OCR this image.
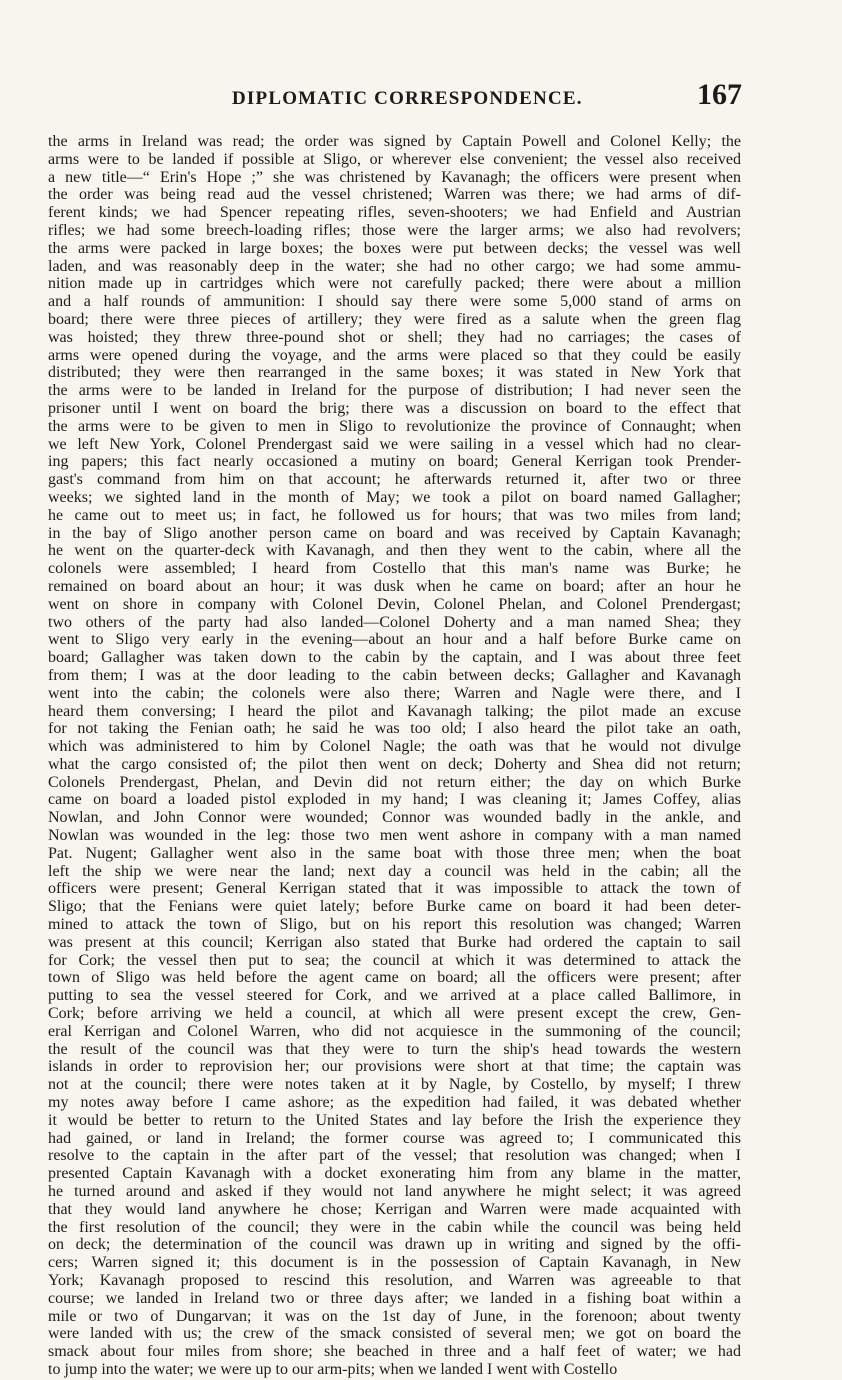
DIPLOMATIC CORRESPONDENCE.	167
the arms in Ireland was read; the order was signed by Captain Powell and Colonel Kelly; the
arms were to be landed if possible at Sligo, or wherever else convenient; the vessel also received
a new title—“ Erin's Hope ;” she was christened by Kavanagh; the officers were present when
the order was being read aud the vessel christened; Warren was there; we had arms of dif-
ferent kinds; we had Spencer repeating rifles, seven-shooters; we had Enfield and Austrian
rifles; we had some breech-loading rifles; those were the larger arms; we also had revolvers;
the arms were packed in large boxes; the boxes were put between decks; the vessel was well
laden, and was reasonably deep in the water; she had no other cargo; we had some ammu-
nition made up in cartridges which were not carefully packed; there were about a million
and a half rounds of ammunition: I should say there were some 5,000 stand of arms on
board; there were three pieces of artillery; they were fired as a salute when the green flag
was hoisted; they threw three-pound shot or shell; they had no carriages; the cases of
arms were opened during the voyage, and the arms were placed so that they could be easily
distributed; they were then rearranged in the same boxes; it was stated in New York that
the arms were to be landed in Ireland for the purpose of distribution; I had never seen the
prisoner until I went on board the brig; there was a discussion on board to the effect that
the arms were to be given to men in Sligo to revolutionize the province of Connaught; when
we left New York, Colonel Prendergast said we were sailing in a vessel which had no clear-
ing papers; this fact nearly occasioned a mutiny on board; General Kerrigan took Prender-
gast's command from him on that account; he afterwards returned it, after two or three
weeks; we sighted land in the month of May; we took a pilot on board named Gallagher;
he came out to meet us; in fact, he followed us for hours; that was two miles from land;
in the bay of Sligo another person came on board and was received by Captain Kavanagh;
he went on the quarter-deck with Kavanagh, and then they went to the cabin, where all the
colonels were assembled; I heard from Costello that this man's name was Burke; he
remained on board about an hour; it was dusk when he came on board; after an hour he
went on shore in company with Colonel Devin, Colonel Phelan, and Colonel Prendergast;
two others of the party had also landed—Colonel Doherty and a man named Shea; they
went to Sligo very early in the evening—about an hour and a half before Burke came on
board; Gallagher was taken down to the cabin by the captain, and I was about three feet
from them; I was at the door leading to the cabin between decks; Gallagher and Kavanagh
went into the cabin; the colonels were also there; Warren and Nagle were there, and I
heard them conversing; I heard the pilot and Kavanagh talking; the pilot made an excuse
for not taking the Fenian oath; he said he was too old; I also heard the pilot take an oath,
which was administered to him by Colonel Nagle; the oath was that he would not divulge
what the cargo consisted of; the pilot then went on deck; Doherty and Shea did not return;
Colonels Prendergast, Phelan, and Devin did not return either; the day on which Burke
came on board a loaded pistol exploded in my hand; I was cleaning it; James Coffey, alias
Nowlan, and John Connor were wounded; Connor was wounded badly in the ankle, and
Nowlan was wounded in the leg: those two men went ashore in company with a man named
Pat. Nugent; Gallagher went also in the same boat with those three men; when the boat
left the ship we were near the land; next day a council was held in the cabin; all the
officers were present; General Kerrigan stated that it was impossible to attack the town of
Sligo; that the Fenians were quiet lately; before Burke came on board it had been deter-
mined to attack the town of Sligo, but on his report this resolution was changed; Warren
was present at this council; Kerrigan also stated that Burke had ordered the captain to sail
for Cork; the vessel then put to sea; the council at which it was determined to attack the
town of Sligo was held before the agent came on board; all the officers were present; after
putting to sea the vessel steered for Cork, and we arrived at a place called Ballimore, in
Cork; before arriving we held a council, at which all were present except the crew, Gen-
eral Kerrigan and Colonel Warren, who did not acquiesce in the summoning of the council;
the result of the council was that they were to turn the ship's head towards the western
islands in order to reprovision her; our provisions were short at that time; the captain was
not at the council; there were notes taken at it by Nagle, by Costello, by myself; I threw
my notes away before I came ashore; as the expedition had failed, it was debated whether
it would be better to return to the United States and lay before the Irish the experience they
had gained, or land in Ireland; the former course was agreed to; I communicated this
resolve to the captain in the after part of the vessel; that resolution was changed; when I
presented Captain Kavanagh with a docket exonerating him from any blame in the matter,
he turned around and asked if they would not land anywhere he might select; it was agreed
that they would land anywhere he chose; Kerrigan and Warren were made acquainted with
the first resolution of the council; they were in the cabin while the council was being held
on deck; the determination of the council was drawn up in writing and signed by the offi-
cers; Warren signed it; this document is in the possession of Captain Kavanagh, in New
York; Kavanagh proposed to rescind this resolution, and Warren was agreeable to that
course; we landed in Ireland two or three days after; we landed in a fishing boat within a
mile or two of Dungarvan; it was on the 1st day of June, in the forenoon; about twenty
were landed with us; the crew of the smack consisted of several men; we got on board the
smack about four miles from shore; she beached in three and a half feet of water; we had
to jump into the water; we were up to our arm-pits; when we landed I went with Costello
